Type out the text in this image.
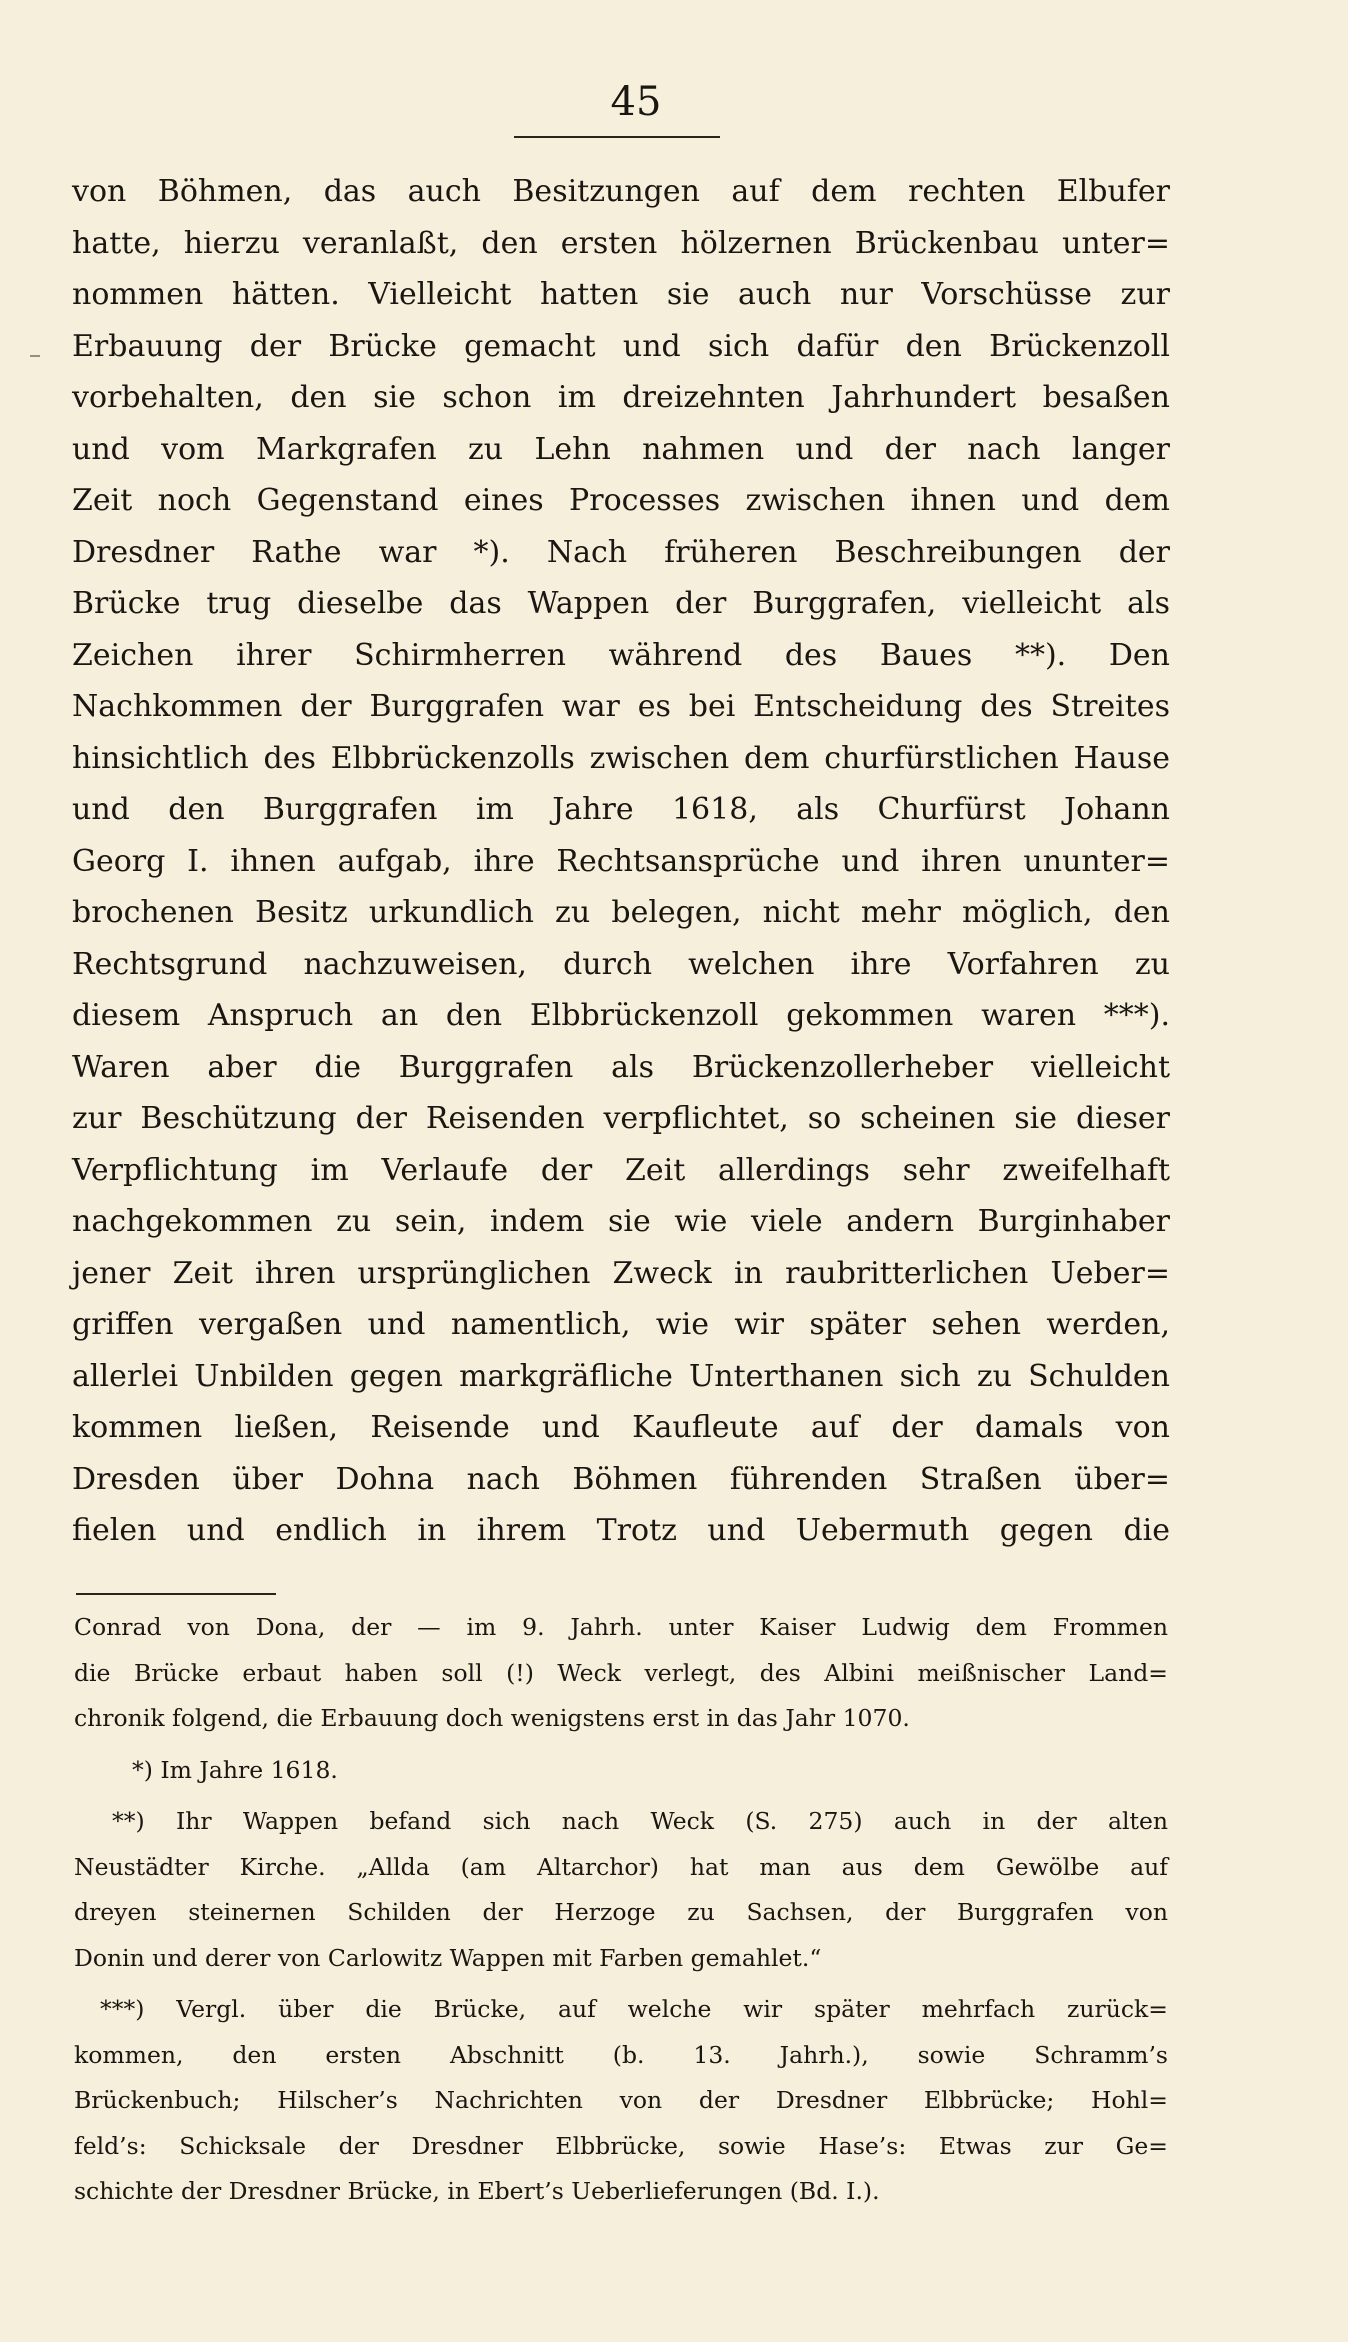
45
von Böhmen, das auch Besitzungen auf dem rechten Elbufer
hatte, hierzu veranlaßt, den ersten hölzernen Brückenbau unter=
nommen hätten. Vielleicht hatten sie auch nur Vorschüsse zur
Erbauung der Brücke gemacht und sich dafür den Brückenzoll
vorbehalten, den sie schon im dreizehnten Jahrhundert besaßen
und vom Markgrafen zu Lehn nahmen und der nach langer
Zeit noch Gegenstand eines Processes zwischen ihnen und dem
Dresdner Rathe war *). Nach früheren Beschreibungen der
Brücke trug dieselbe das Wappen der Burggrafen, vielleicht als
Zeichen ihrer Schirmherren während des Baues **). Den
Nachkommen der Burggrafen war es bei Entscheidung des Streites
hinsichtlich des Elbbrückenzolls zwischen dem churfürstlichen Hause
und den Burggrafen im Jahre 1618, als Churfürst Johann
Georg I. ihnen aufgab, ihre Rechtsansprüche und ihren ununter=
brochenen Besitz urkundlich zu belegen, nicht mehr möglich, den
Rechtsgrund nachzuweisen, durch welchen ihre Vorfahren zu
diesem Anspruch an den Elbbrückenzoll gekommen waren ***).
Waren aber die Burggrafen als Brückenzollerheber vielleicht
zur Beschützung der Reisenden verpflichtet, so scheinen sie dieser
Verpflichtung im Verlaufe der Zeit allerdings sehr zweifelhaft
nachgekommen zu sein, indem sie wie viele andern Burginhaber
jener Zeit ihren ursprünglichen Zweck in raubritterlichen Ueber=
griffen vergaßen und namentlich, wie wir später sehen werden,
allerlei Unbilden gegen markgräfliche Unterthanen sich zu Schulden
kommen ließen, Reisende und Kaufleute auf der damals von
Dresden über Dohna nach Böhmen führenden Straßen über=
fielen und endlich in ihrem Trotz und Uebermuth gegen die
Conrad von Dona, der — im 9. Jahrh. unter Kaiser Ludwig dem Frommen
die Brücke erbaut haben soll (!) Weck verlegt, des Albini meißnischer Land=
chronik folgend, die Erbauung doch wenigstens erst in das Jahr 1070.
*) Im Jahre 1618.
**) Ihr Wappen befand sich nach Weck (S. 275) auch in der alten
Neustädter Kirche. „Allda (am Altarchor) hat man aus dem Gewölbe auf
dreyen steinernen Schilden der Herzoge zu Sachsen, der Burggrafen von
Donin und derer von Carlowitz Wappen mit Farben gemahlet.“
***) Vergl. über die Brücke, auf welche wir später mehrfach zurück=
kommen, den ersten Abschnitt (b. 13. Jahrh.), sowie Schramm’s
Brückenbuch; Hilscher’s Nachrichten von der Dresdner Elbbrücke; Hohl=
feld’s: Schicksale der Dresdner Elbbrücke, sowie Hase’s: Etwas zur Ge=
schichte der Dresdner Brücke, in Ebert’s Ueberlieferungen (Bd. I.).
